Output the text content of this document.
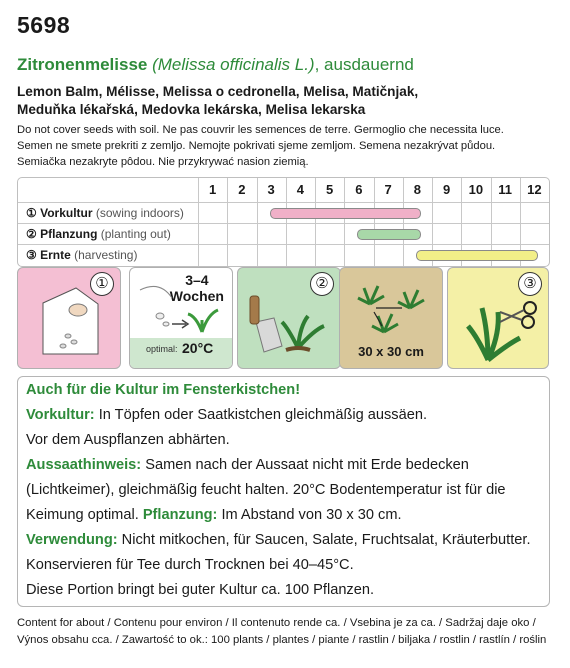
5698
Zitronenmelisse (Melissa officinalis L.), ausdauernd
Lemon Balm, Mélisse, Melissa o cedronella, Melisa, Matičnjak,
Meduňka lékařská, Medovka lekárska, Melisa lekarska
Do not cover seeds with soil. Ne pas couvrir les semences de terre. Germoglio che necessita luce.
Semen ne smete prekriti z zemljo. Nemojte pokrivati sjeme zemljom. Semena nezakrývat půdou.
Semiačka nezakryte pôdou. Nie przykrywać nasion ziemią.
1	2	3	4	5	6	7	8	9	10	11	12
① Vorkultur (sowing indoors)
② Pflanzung (planting out)
③ Ernte (harvesting)
①	3–4
Wochen
optimal: 20°C
②
30 x 30 cm
③
Auch für die Kultur im Fensterkistchen!
Vorkultur: In Töpfen oder Saatkistchen gleichmäßig aussäen.
Vor dem Auspflanzen abhärten.
Aussaathinweis: Samen nach der Aussaat nicht mit Erde bedecken
(Lichtkeimer), gleichmäßig feucht halten. 20°C Bodentemperatur ist für die
Keimung optimal. Pflanzung: Im Abstand von 30 x 30 cm.
Verwendung: Nicht mitkochen, für Saucen, Salate, Fruchtsalat, Kräuterbutter.
Konservieren für Tee durch Trocknen bei 40–45°C.
Diese Portion bringt bei guter Kultur ca. 100 Pflanzen.
Content for about / Contenu pour environ / Il contenuto rende ca. / Vsebina je za ca. / Sadržaj daje oko /
Výnos obsahu cca. / Zawartość to ok.: 100 plants / plantes / piante / rastlin / biljaka / rostlin / rastlín / roślin
